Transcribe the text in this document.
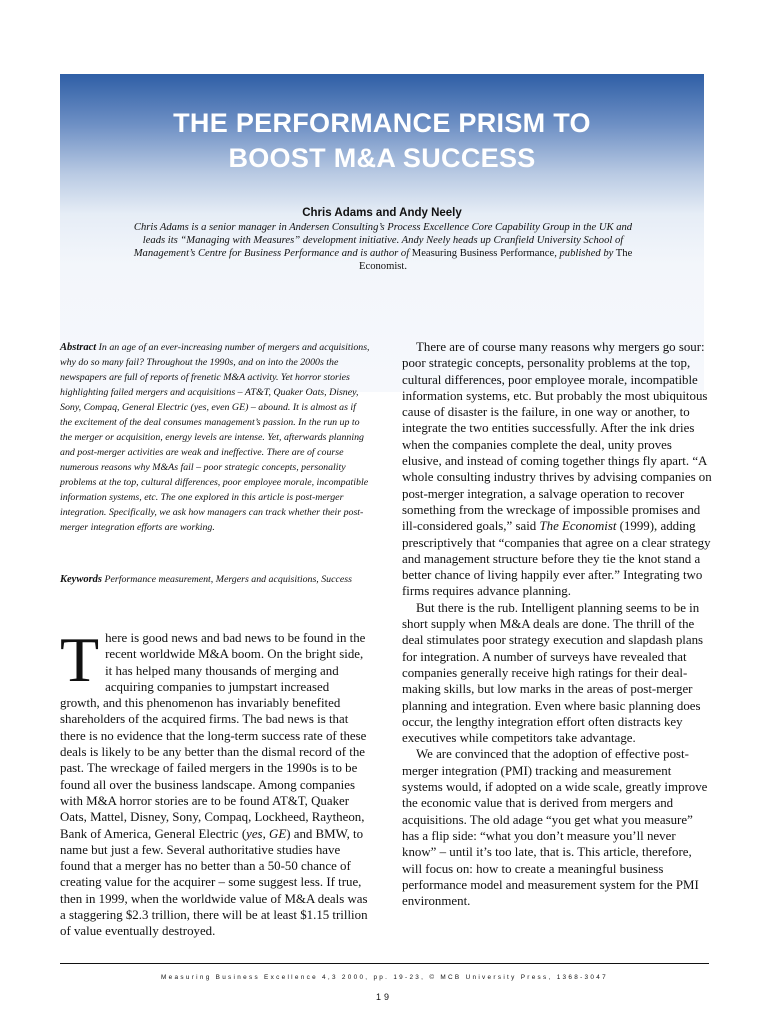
THE PERFORMANCE PRISM TO
BOOST M&A SUCCESS
Chris Adams and Andy Neely
Chris Adams is a senior manager in Andersen Consulting’s Process Excellence Core Capability Group in the UK and leads its “Managing with Measures” development initiative. Andy Neely heads up Cranfield University School of Management’s Centre for Business Performance and is author of Measuring Business Performance, published by The Economist.
Abstract In an age of an ever-increasing number of mergers and acquisitions, why do so many fail? Throughout the 1990s, and on into the 2000s the newspapers are full of reports of frenetic M&A activity. Yet horror stories highlighting failed mergers and acquisitions – AT&T, Quaker Oats, Disney, Sony, Compaq, General Electric (yes, even GE) – abound. It is almost as if the excitement of the deal consumes management’s passion. In the run up to the merger or acquisition, energy levels are intense. Yet, afterwards planning and post-merger activities are weak and ineffective. There are of course numerous reasons why M&As fail – poor strategic concepts, personality problems at the top, cultural differences, poor employee morale, incompatible information systems, etc. The one explored in this article is post-merger integration. Specifically, we ask how managers can track whether their post-merger integration efforts are working.
Keywords Performance measurement, Mergers and acquisitions, Success

There is good news and bad news to be found in the recent worldwide M&A boom. On the bright side, it has helped many thousands of merging and acquiring companies to jumpstart increased growth, and this phenomenon has invariably benefited shareholders of the acquired firms. The bad news is that there is no evidence that the long-term success rate of these deals is likely to be any better than the dismal record of the past. The wreckage of failed mergers in the 1990s is to be found all over the business landscape. Among companies with M&A horror stories are to be found AT&T, Quaker Oats, Mattel, Disney, Sony, Compaq, Lockheed, Raytheon, Bank of America, General Electric (yes, GE) and BMW, to name but just a few. Several authoritative studies have found that a merger has no better than a 50-50 chance of creating value for the acquirer – some suggest less. If true, then in 1999, when the worldwide value of M&A deals was a staggering $2.3 trillion, there will be at least $1.15 trillion of value eventually destroyed.

There are of course many reasons why mergers go sour: poor strategic concepts, personality problems at the top, cultural differences, poor employee morale, incompatible information systems, etc. But probably the most ubiquitous cause of disaster is the failure, in one way or another, to integrate the two entities successfully. After the ink dries when the companies complete the deal, unity proves elusive, and instead of coming together things fly apart. “A whole consulting industry thrives by advising companies on post-merger integration, a salvage operation to recover something from the wreckage of impossible promises and ill-considered goals,” said The Economist (1999), adding prescriptively that “companies that agree on a clear strategy and management structure before they tie the knot stand a better chance of living happily ever after.” Integrating two firms requires advance planning.

But there is the rub. Intelligent planning seems to be in short supply when M&A deals are done. The thrill of the deal stimulates poor strategy execution and slapdash plans for integration. A number of surveys have revealed that companies generally receive high ratings for their deal-making skills, but low marks in the areas of post-merger planning and integration. Even where basic planning does occur, the lengthy integration effort often distracts key executives while competitors take advantage.

We are convinced that the adoption of effective post-merger integration (PMI) tracking and measurement systems would, if adopted on a wide scale, greatly improve the economic value that is derived from mergers and acquisitions. The old adage “you get what you measure” has a flip side: “what you don’t measure you’ll never know” – until it’s too late, that is. This article, therefore, will focus on: how to create a meaningful business performance model and measurement system for the PMI environment.

Measuring Business Excellence 4,3 2000, pp. 19-23, © MCB University Press, 1368-3047
19
